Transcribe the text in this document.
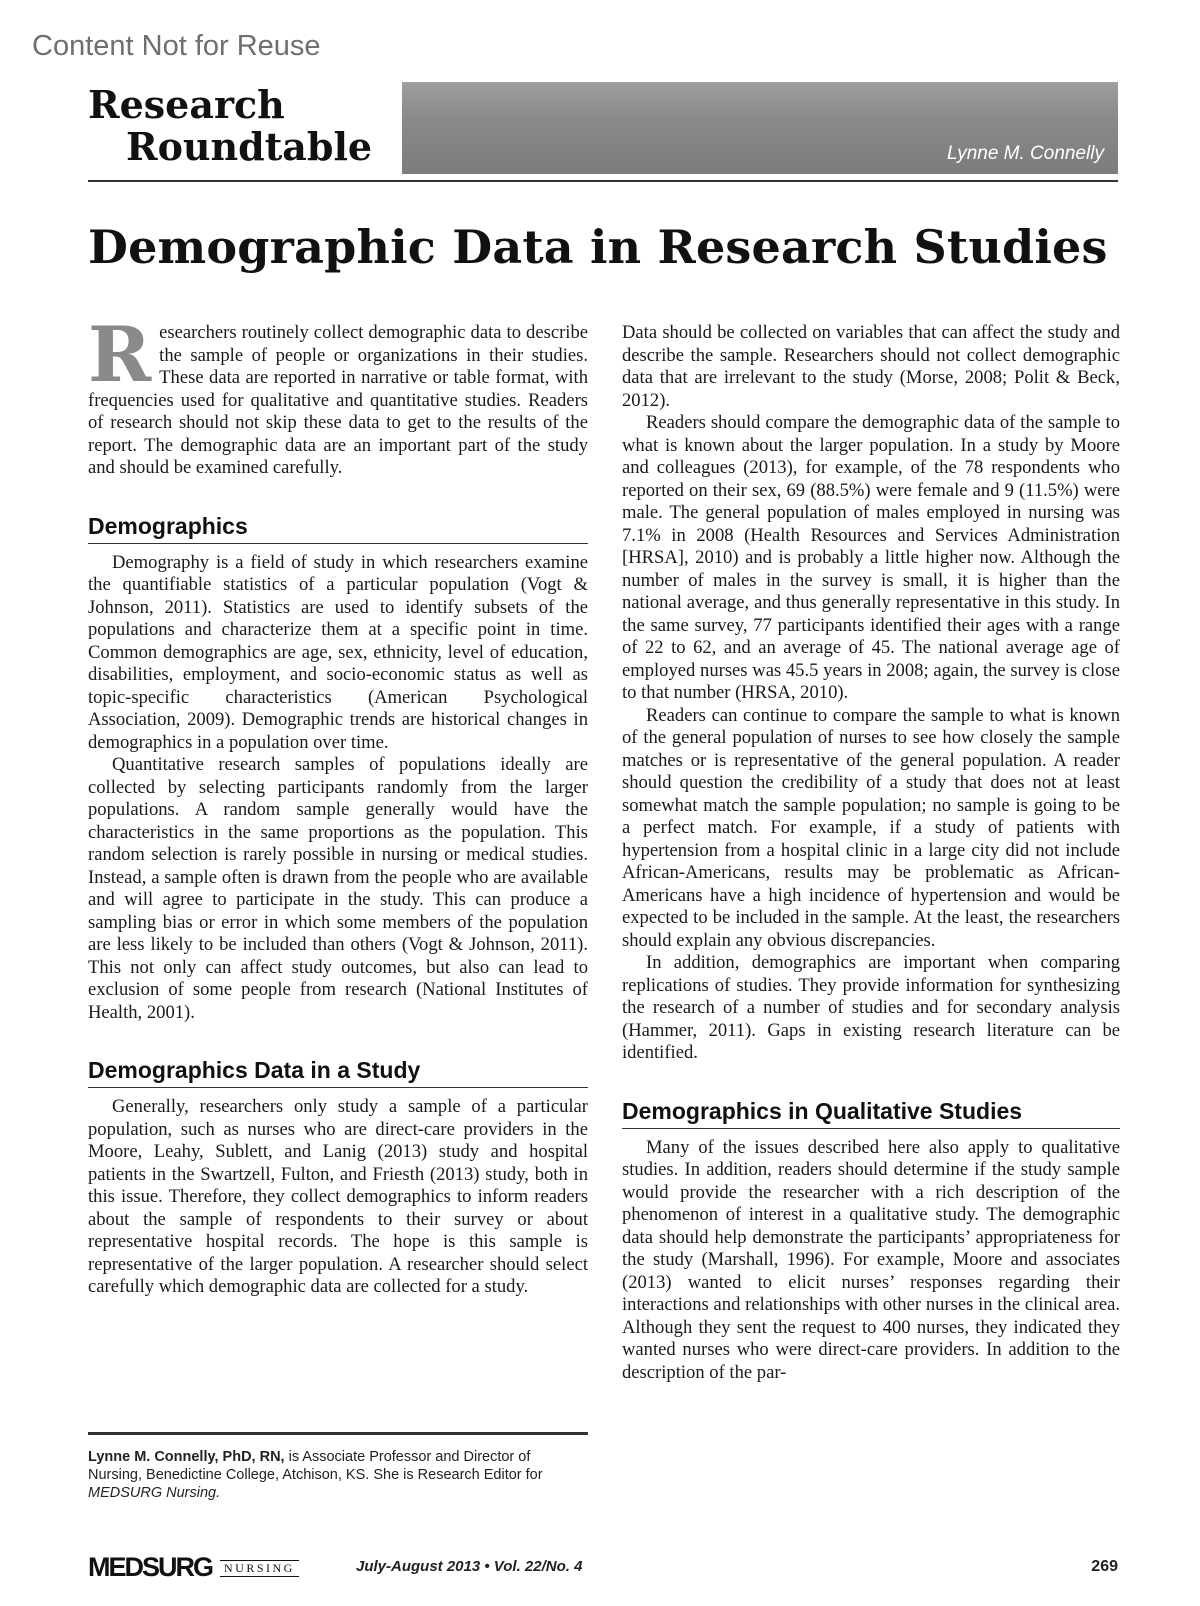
Content Not for Reuse
Research
Roundtable	Lynne M. Connelly
Demographic Data in Research Studies

Researchers routinely collect demographic data to describe the sample of people or organizations in their studies. These data are reported in narrative or table format, with frequencies used for qualitative and quantitative studies. Readers of research should not skip these data to get to the results of the report. The demographic data are an important part of the study and should be examined carefully.

Demographics

Demography is a field of study in which researchers examine the quantifiable statistics of a particular population (Vogt & Johnson, 2011). Statistics are used to identify subsets of the populations and characterize them at a specific point in time. Common demographics are age, sex, ethnicity, level of education, disabilities, employment, and socio-economic status as well as topic-specific characteristics (American Psychological Association, 2009). Demographic trends are historical changes in demographics in a population over time.

Quantitative research samples of populations ideally are collected by selecting participants randomly from the larger populations. A random sample generally would have the characteristics in the same proportions as the population. This random selection is rarely possible in nursing or medical studies. Instead, a sample often is drawn from the people who are available and will agree to participate in the study. This can produce a sampling bias or error in which some members of the population are less likely to be included than others (Vogt & Johnson, 2011). This not only can affect study outcomes, but also can lead to exclusion of some people from research (National Institutes of Health, 2001).

Demographics Data in a Study

Generally, researchers only study a sample of a particular population, such as nurses who are direct-care providers in the Moore, Leahy, Sublett, and Lanig (2013) study and hospital patients in the Swartzell, Fulton, and Friesth (2013) study, both in this issue. Therefore, they collect demographics to inform readers about the sample of respondents to their survey or about representative hospital records. The hope is this sample is representative of the larger population. A researcher should select carefully which demographic data are collected for a study.

Lynne M. Connelly, PhD, RN, is Associate Professor and Director of Nursing, Benedictine College, Atchison, KS. She is Research Editor for MEDSURG Nursing.

Data should be collected on variables that can affect the study and describe the sample. Researchers should not collect demographic data that are irrelevant to the study (Morse, 2008; Polit & Beck, 2012).

Readers should compare the demographic data of the sample to what is known about the larger population. In a study by Moore and colleagues (2013), for example, of the 78 respondents who reported on their sex, 69 (88.5%) were female and 9 (11.5%) were male. The general population of males employed in nursing was 7.1% in 2008 (Health Resources and Services Administration [HRSA], 2010) and is probably a little higher now. Although the number of males in the survey is small, it is higher than the national average, and thus generally representative in this study. In the same survey, 77 participants identified their ages with a range of 22 to 62, and an average of 45. The national average age of employed nurses was 45.5 years in 2008; again, the survey is close to that number (HRSA, 2010).

Readers can continue to compare the sample to what is known of the general population of nurses to see how closely the sample matches or is representative of the general population. A reader should question the credibility of a study that does not at least somewhat match the sample population; no sample is going to be a perfect match. For example, if a study of patients with hypertension from a hospital clinic in a large city did not include African-Americans, results may be problematic as African-Americans have a high incidence of hypertension and would be expected to be included in the sample. At the least, the researchers should explain any obvious discrepancies.

In addition, demographics are important when comparing replications of studies. They provide information for synthesizing the research of a number of studies and for secondary analysis (Hammer, 2011). Gaps in existing research literature can be identified.

Demographics in Qualitative Studies

Many of the issues described here also apply to qualitative studies. In addition, readers should determine if the study sample would provide the researcher with a rich description of the phenomenon of interest in a qualitative study. The demographic data should help demonstrate the participants’ appropriateness for the study (Marshall, 1996). For example, Moore and associates (2013) wanted to elicit nurses’ responses regarding their interactions and relationships with other nurses in the clinical area. Although they sent the request to 400 nurses, they indicated they wanted nurses who were direct-care providers. In addition to the description of the par-

MEDSURG NURSING	July-August 2013 • Vol. 22/No. 4	269
